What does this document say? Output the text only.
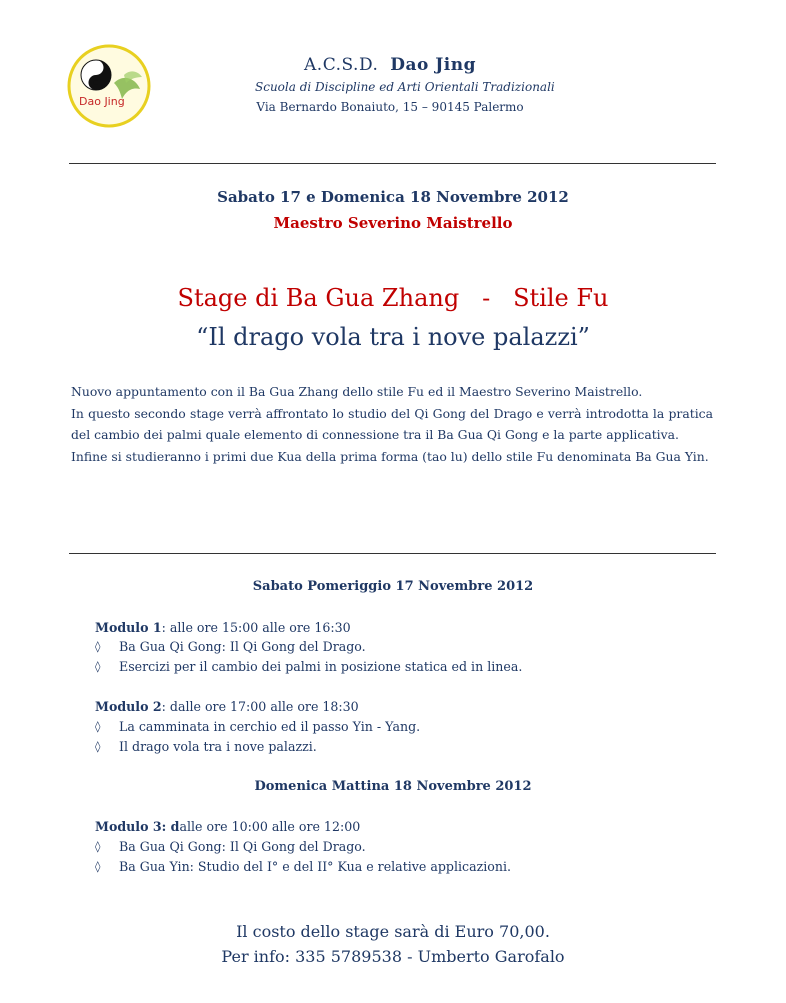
Dao Jing
A.C.S.D. Dao Jing
Scuola di Discipline ed Arti Orientali Tradizionali
Via Bernardo Bonaiuto, 15 – 90145 Palermo
Sabato 17 e Domenica 18 Novembre 2012
Maestro Severino Maistrello
Stage di Ba Gua Zhang   -   Stile Fu
“Il drago vola tra i nove palazzi”

Nuovo appuntamento con il Ba Gua Zhang dello stile Fu ed il Maestro Severino Maistrello.

In questo secondo stage verrà affrontato lo studio del Qi Gong del Drago e verrà introdotta la pratica del cambio dei palmi quale elemento di connessione tra il Ba Gua Qi Gong e la parte applicativa.

Infine si studieranno i primi due Kua della prima forma (tao lu) dello stile Fu denominata Ba Gua Yin.

Sabato Pomeriggio 17 Novembre 2012
Modulo 1: alle ore 15:00 alle ore 16:30
◊ Ba Gua Qi Gong: Il Qi Gong del Drago.
◊ Esercizi per il cambio dei palmi in posizione statica ed in linea.
Modulo 2: dalle ore 17:00 alle ore 18:30
◊ La camminata in cerchio ed il passo Yin - Yang.
◊ Il drago vola tra i nove palazzi.
Domenica Mattina 18 Novembre 2012
Modulo 3: dalle ore 10:00 alle ore 12:00
◊ Ba Gua Qi Gong: Il Qi Gong del Drago.
◊ Ba Gua Yin: Studio del I° e del II° Kua e relative applicazioni.
Il costo dello stage sarà di Euro 70,00.
Per info: 335 5789538 - Umberto Garofalo
